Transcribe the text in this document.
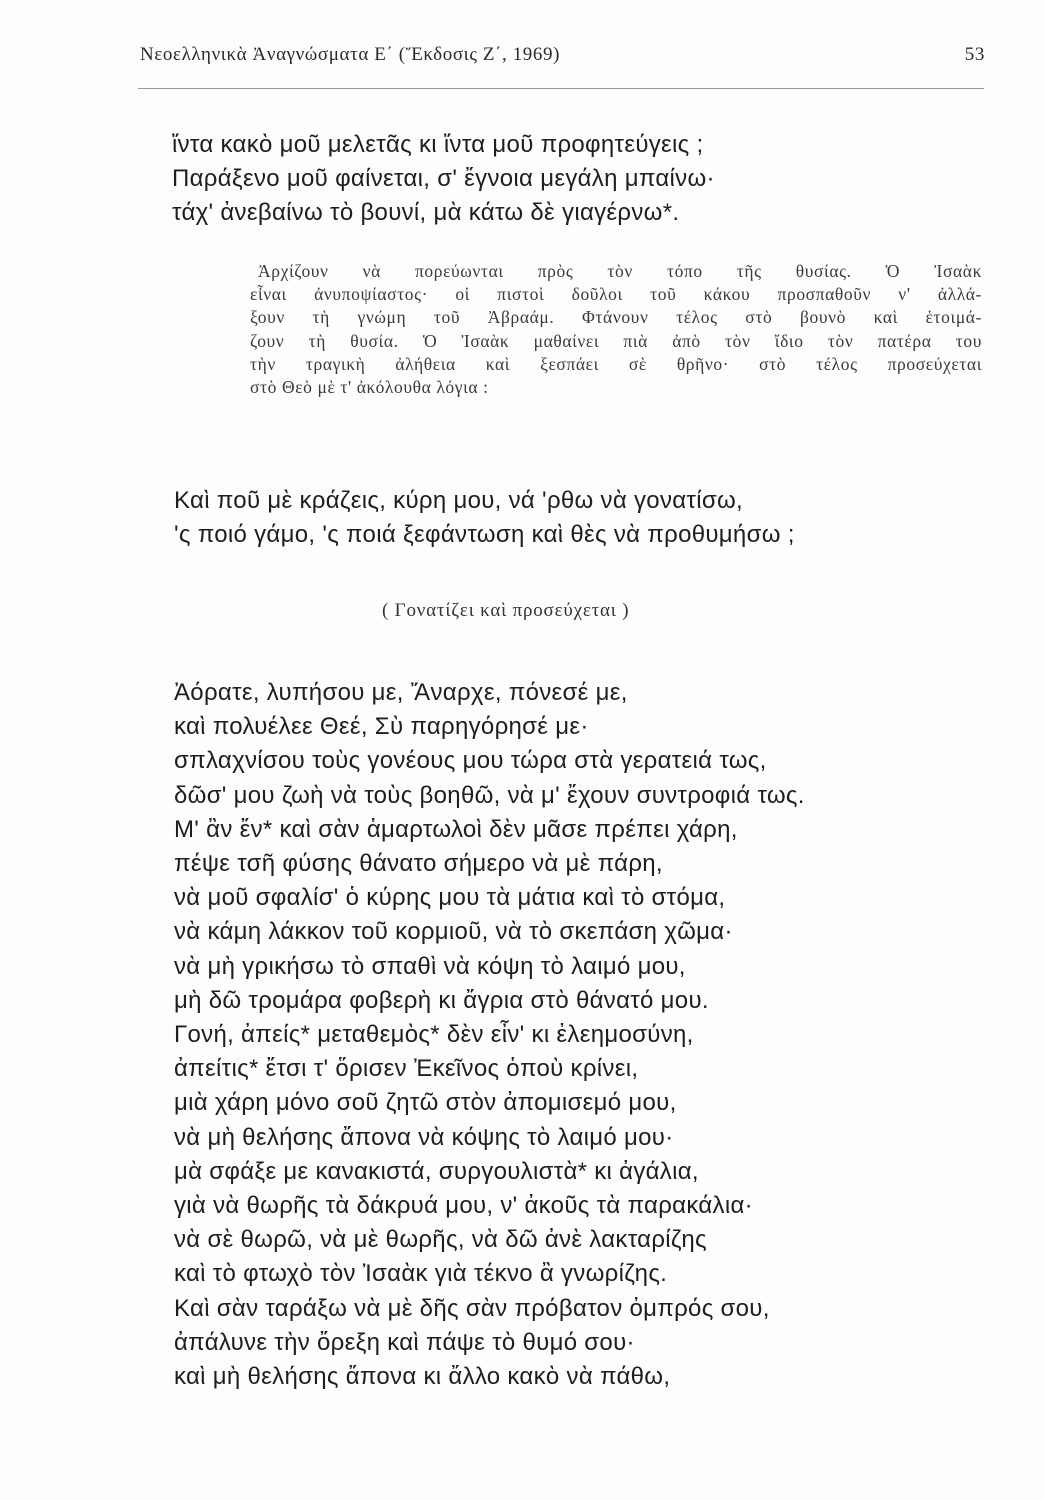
Νεοελληνικὰ Ἀναγνώσματα Ε΄ (Ἔκδοσις Ζ΄, 1969)	53
ἴντα κακὸ μοῦ μελετᾶς κι ἴντα μοῦ προφητεύγεις ;
Παράξενο μοῦ φαίνεται, σ' ἔγνοια μεγάλη μπαίνω·
τάχ' ἀνεβαίνω τὸ βουνί, μὰ κάτω δὲ γιαγέρνω*.
Ἀρχίζουν νὰ πορεύωνται πρὸς τὸν τόπο τῆς θυσίας. Ὁ Ἰσαὰκ
εἶναι ἀνυποψίαστος· οἱ πιστοὶ δοῦλοι τοῦ κάκου προσπαθοῦν ν' ἀλλά-
ξουν τὴ γνώμη τοῦ Ἀβραάμ. Φτάνουν τέλος στὸ βουνὸ καὶ ἑτοιμά-
ζουν τὴ θυσία. Ὁ Ἰσαὰκ μαθαίνει πιὰ ἀπὸ τὸν ἴδιο τὸν πατέρα του
τὴν τραγικὴ ἀλήθεια καὶ ξεσπάει σὲ θρῆνο· στὸ τέλος προσεύχεται
στὸ Θεὸ μὲ τ' ἀκόλουθα λόγια :
Καὶ ποῦ μὲ κράζεις, κύρη μου, νά 'ρθω νὰ γονατίσω,
'ς ποιό γάμο, 'ς ποιά ξεφάντωση καὶ θὲς νὰ προθυμήσω ;
( Γονατίζει καὶ προσεύχεται )
Ἀόρατε, λυπήσου με, Ἄναρχε, πόνεσέ με,
καὶ πολυέλεε Θεέ, Σὺ παρηγόρησέ με·
σπλαχνίσου τοὺς γονέους μου τώρα στὰ γερατειά τως,
δῶσ' μου ζωὴ νὰ τοὺς βοηθῶ, νὰ μ' ἔχουν συντροφιά τως.
Μ' ἂν ἔν* καὶ σὰν ἁμαρτωλοὶ δὲν μᾶσε πρέπει χάρη,
πέψε τσῆ φύσης θάνατο σήμερο νὰ μὲ πάρη,
νὰ μοῦ σφαλίσ' ὁ κύρης μου τὰ μάτια καὶ τὸ στόμα,
νὰ κάμη λάκκον τοῦ κορμιοῦ, νὰ τὸ σκεπάση χῶμα·
νὰ μὴ γρικήσω τὸ σπαθὶ νὰ κόψη τὸ λαιμό μου,
μὴ δῶ τρομάρα φοβερὴ κι ἄγρια στὸ θάνατό μου.
Γονή, ἀπείς* μεταθεμὸς* δὲν εἶν' κι ἐλεημοσύνη,
ἀπείτις* ἔτσι τ' ὅρισεν Ἐκεῖνος ὁποὺ κρίνει,
μιὰ χάρη μόνο σοῦ ζητῶ στὸν ἀπομισεμό μου,
νὰ μὴ θελήσης ἄπονα νὰ κόψης τὸ λαιμό μου·
μὰ σφάξε με κανακιστά, συργουλιστὰ* κι ἀγάλια,
γιὰ νὰ θωρῆς τὰ δάκρυά μου, ν' ἀκοῦς τὰ παρακάλια·
νὰ σὲ θωρῶ, νὰ μὲ θωρῆς, νὰ δῶ ἀνὲ λακταρίζης
καὶ τὸ φτωχὸ τὸν Ἰσαὰκ γιὰ τέκνο ἂ γνωρίζης.
Καὶ σὰν ταράξω νὰ μὲ δῆς σὰν πρόβατον ὀμπρός σου,
ἀπάλυνε τὴν ὄρεξη καὶ πάψε τὸ θυμό σου·
καὶ μὴ θελήσης ἄπονα κι ἄλλο κακὸ νὰ πάθω,
